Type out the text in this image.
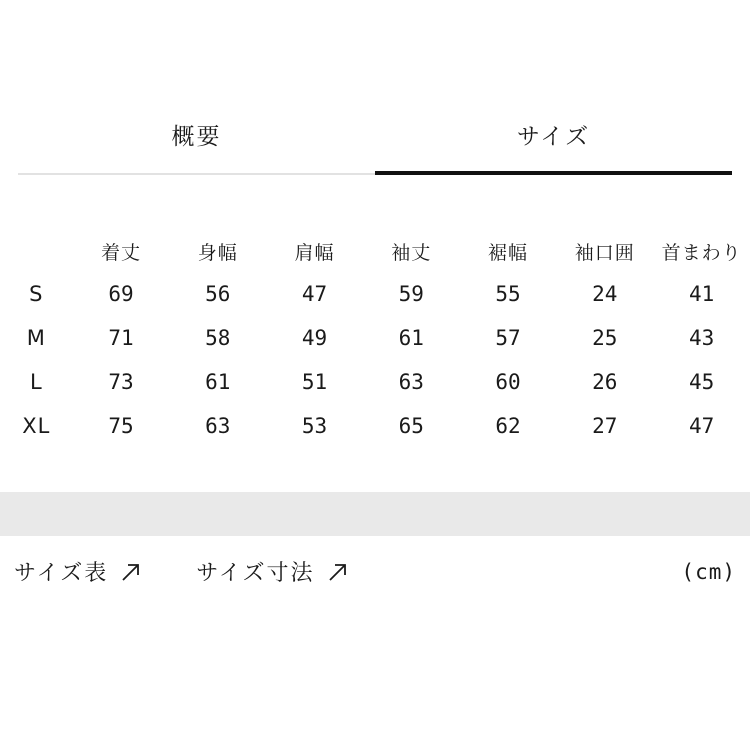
概要	サイズ
	着丈	身幅	肩幅	袖丈	裾幅	袖口囲	首まわり
S	69	56	47	59	55	24	41
M	71	58	49	61	57	25	43
L	73	61	51	63	60	26	45
XL	75	63	53	65	62	27	47
サイズ表	サイズ寸法	(cm)
